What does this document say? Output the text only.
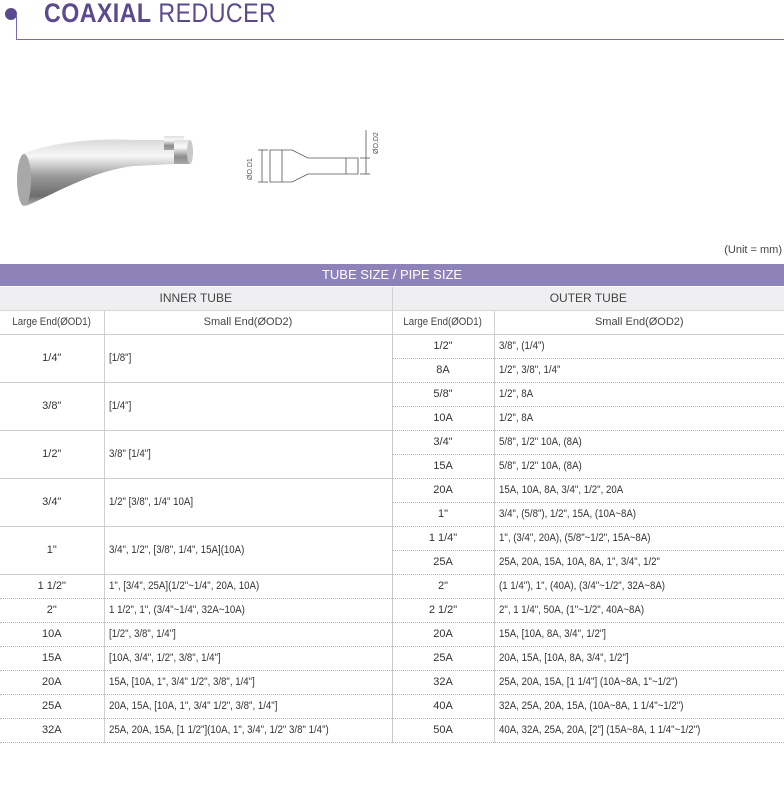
COAXIAL REDUCER
ØO.D1
ØO.D2
(Unit = mm)
TUBE SIZE / PIPE SIZE			
INNER TUBE		OUTER TUBE	
Large End(ØOD1)	Small End(ØOD2)	Large End(ØOD1)	Small End(ØOD2)
1/4"	[1/8"]	1/2"	3/8", (1/4")
		8A	1/2", 3/8", 1/4"
3/8"	[1/4"]	5/8"	1/2", 8A
		10A	1/2", 8A
1/2"	3/8" [1/4"]	3/4"	5/8", 1/2" 10A, (8A)
		15A	5/8", 1/2" 10A, (8A)
3/4"	1/2" [3/8", 1/4" 10A]	20A	15A, 10A, 8A, 3/4", 1/2", 20A
		1"	3/4", (5/8"), 1/2", 15A, (10A~8A)
1"	3/4", 1/2", [3/8", 1/4", 15A](10A)	1 1/4"	1", (3/4", 20A), (5/8"~1/2", 15A~8A)
		25A	25A, 20A, 15A, 10A, 8A, 1", 3/4", 1/2"
1 1/2"	1", [3/4", 25A](1/2"~1/4", 20A, 10A)	2"	(1 1/4"), 1", (40A), (3/4"~1/2", 32A~8A)
2"	1 1/2", 1", (3/4"~1/4", 32A~10A)	2 1/2"	2", 1 1/4", 50A, (1"~1/2", 40A~8A)
10A	[1/2", 3/8", 1/4"]	20A	15A, [10A, 8A, 3/4", 1/2"]
15A	[10A, 3/4", 1/2", 3/8", 1/4"]	25A	20A, 15A, [10A, 8A, 3/4", 1/2"]
20A	15A, [10A, 1", 3/4" 1/2", 3/8", 1/4"]	32A	25A, 20A, 15A, [1 1/4"] (10A~8A, 1"~1/2")
25A	20A, 15A, [10A, 1", 3/4" 1/2", 3/8", 1/4"]	40A	32A, 25A, 20A, 15A, (10A~8A, 1 1/4"~1/2")
32A	25A, 20A, 15A, [1 1/2"](10A, 1", 3/4", 1/2" 3/8" 1/4")	50A	40A, 32A, 25A, 20A, [2"] (15A~8A, 1 1/4"~1/2")
